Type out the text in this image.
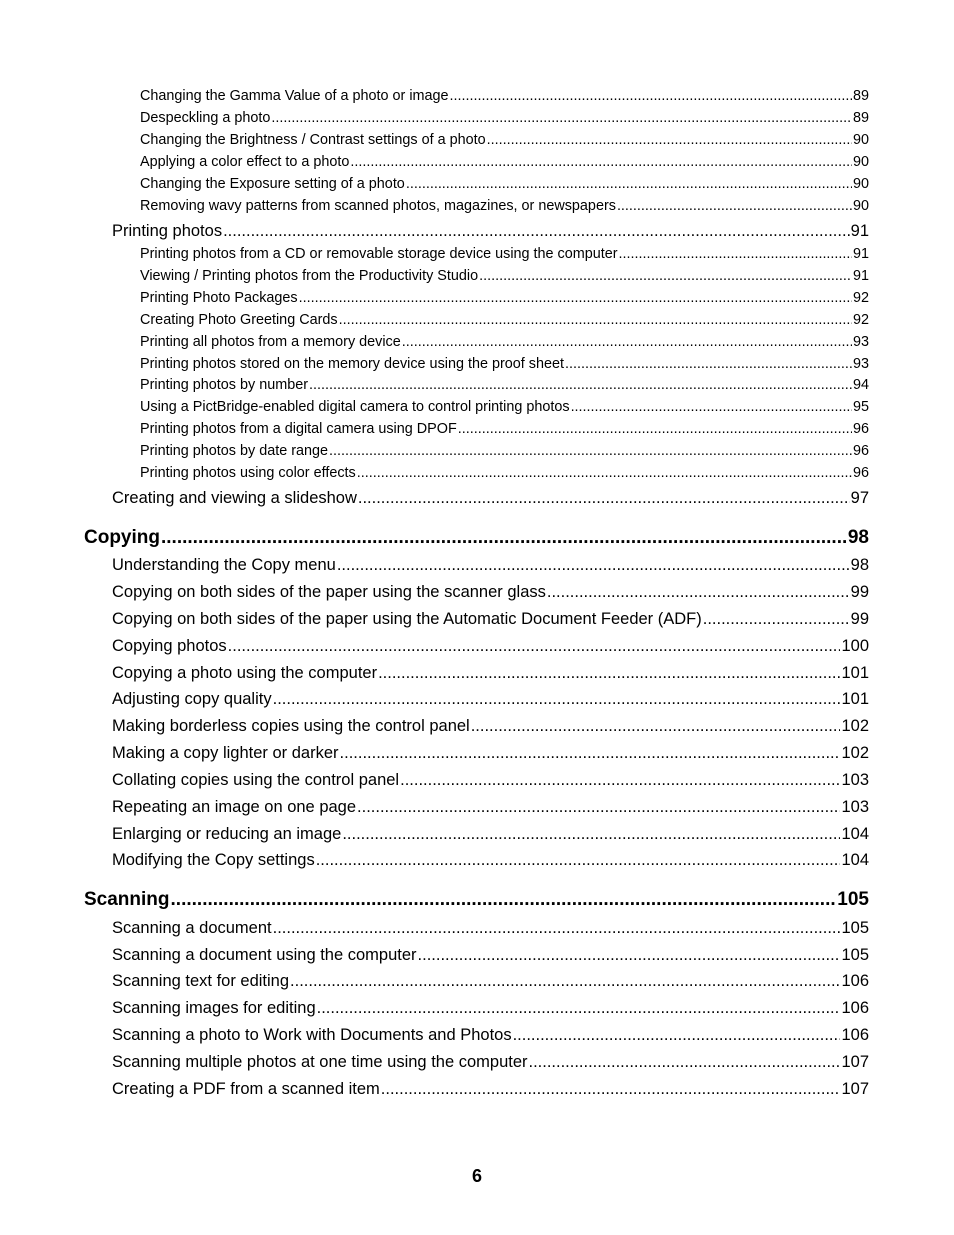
Changing the Gamma Value of a photo or image .....	89
Despeckling a photo .....	89
Changing the Brightness / Contrast settings of a photo .....	90
Applying a color effect to a photo .....	90
Changing the Exposure setting of a photo .....	90
Removing wavy patterns from scanned photos, magazines, or newspapers .....	90
Printing photos .....	91
Printing photos from a CD or removable storage device using the computer .....	91
Viewing / Printing photos from the Productivity Studio .....	91
Printing Photo Packages .....	92
Creating Photo Greeting Cards .....	92
Printing all photos from a memory device .....	93
Printing photos stored on the memory device using the proof sheet .....	93
Printing photos by number .....	94
Using a PictBridge-enabled digital camera to control printing photos .....	95
Printing photos from a digital camera using DPOF .....	96
Printing photos by date range .....	96
Printing photos using color effects .....	96
Creating and viewing a slideshow .....	97
Copying .....	98
Understanding the Copy menu .....	98
Copying on both sides of the paper using the scanner glass .....	99
Copying on both sides of the paper using the Automatic Document Feeder (ADF) .....	99
Copying photos .....	100
Copying a photo using the computer .....	101
Adjusting copy quality .....	101
Making borderless copies using the control panel .....	102
Making a copy lighter or darker .....	102
Collating copies using the control panel .....	103
Repeating an image on one page .....	103
Enlarging or reducing an image .....	104
Modifying the Copy settings .....	104
Scanning .....	105
Scanning a document .....	105
Scanning a document using the computer .....	105
Scanning text for editing .....	106
Scanning images for editing .....	106
Scanning a photo to Work with Documents and Photos .....	106
Scanning multiple photos at one time using the computer .....	107
Creating a PDF from a scanned item .....	107
6
